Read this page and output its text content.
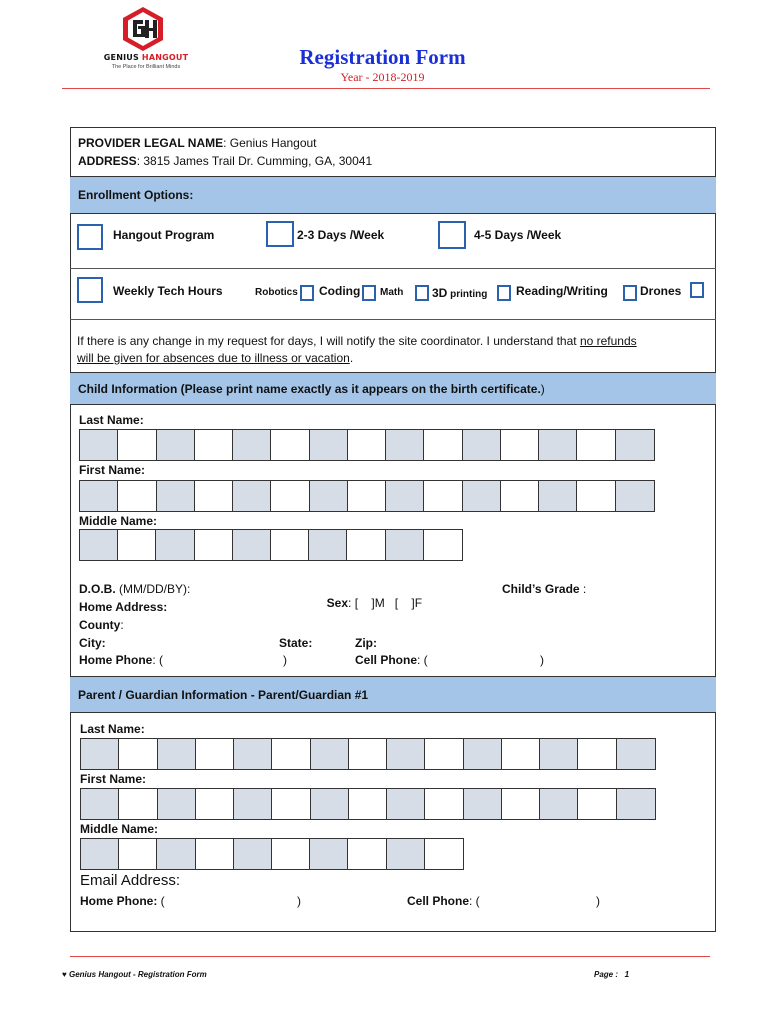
GENIUS HANGOUT
The Place for Brilliant Minds	Registration Form
Year - 2018-2019
PROVIDER LEGAL NAME: Genius Hangout
ADDRESS: 3815 James Trail Dr. Cumming, GA, 30041
Enrollment Options:
Hangout Program	2-3 Days /Week	4-5 Days /Week
Weekly Tech Hours	Robotics Coding Math 3D printing Reading/Writing	Drones
If there is any change in my request for days, I will notify the site coordinator. I understand that no refunds
will be given for absences due to illness or vacation.
Child Information (Please print name exactly as it appears on the birth certificate. )
Last Name:
First Name:
Middle Name:
D.O.B. (MM/DD/BY):

Sex: [    ]M   [    ]F

Child’s Grade :
Home Address:
County:
City:	State:	Zip:
Home Phone: (	)	Cell Phone: (	)
Parent / Guardian Information - Parent/Guardian #1
Last Name:
First Name:
Middle Name:
Email Address:
Home Phone: (	)	Cell Phone: (	)
♥ Genius Hangout - Registration Form	Page :   1
